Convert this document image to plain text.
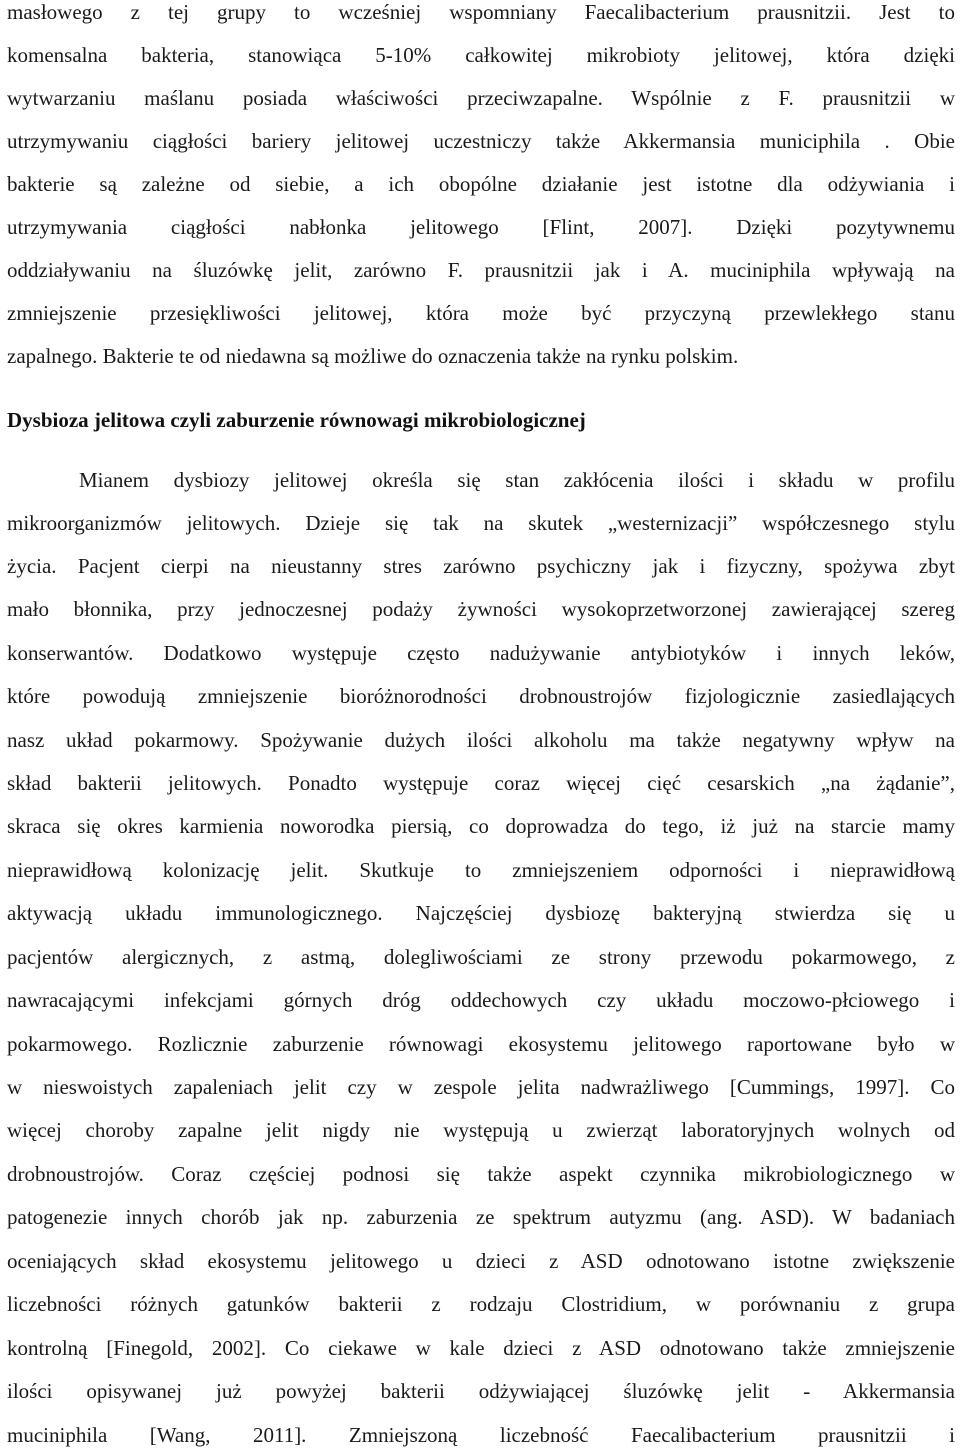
masłowego z tej grupy to wcześniej wspomniany Faecalibacterium prausnitzii. Jest to
komensalna bakteria, stanowiąca 5-10% całkowitej mikrobioty jelitowej, która dzięki
wytwarzaniu maślanu posiada właściwości przeciwzapalne. Wspólnie z F. prausnitzii w
utrzymywaniu ciągłości bariery jelitowej uczestniczy także Akkermansia municiphila . Obie
bakterie są zależne od siebie, a ich obopólne działanie jest istotne dla odżywiania i
utrzymywania ciągłości nabłonka jelitowego [Flint, 2007]. Dzięki pozytywnemu
oddziaływaniu na śluzówkę jelit, zarówno F. prausnitzii jak i A. muciniphila wpływają na
zmniejszenie przesiękliwości jelitowej, która może być przyczyną przewlekłego stanu
zapalnego. Bakterie te od niedawna są możliwe do oznaczenia także na rynku polskim.
Dysbioza jelitowa czyli zaburzenie równowagi mikrobiologicznej
Mianem dysbiozy jelitowej określa się stan zakłócenia ilości i składu w profilu
mikroorganizmów jelitowych. Dzieje się tak na skutek „westernizacji” współczesnego stylu
życia. Pacjent cierpi na nieustanny stres zarówno psychiczny jak i fizyczny, spożywa zbyt
mało błonnika, przy jednoczesnej podaży żywności wysokoprzetworzonej zawierającej szereg
konserwantów. Dodatkowo występuje często nadużywanie antybiotyków i innych leków,
które powodują zmniejszenie bioróżnorodności drobnoustrojów fizjologicznie zasiedlających
nasz układ pokarmowy. Spożywanie dużych ilości alkoholu ma także negatywny wpływ na
skład bakterii jelitowych. Ponadto występuje coraz więcej cięć cesarskich „na żądanie”,
skraca się okres karmienia noworodka piersią, co doprowadza do tego, iż już na starcie mamy
nieprawidłową kolonizację jelit. Skutkuje to zmniejszeniem odporności i nieprawidłową
aktywacją układu immunologicznego. Najczęściej dysbiozę bakteryjną stwierdza się u
pacjentów alergicznych, z astmą, dolegliwościami ze strony przewodu pokarmowego, z
nawracającymi infekcjami górnych dróg oddechowych czy układu moczowo-płciowego i
pokarmowego. Rozlicznie zaburzenie równowagi ekosystemu jelitowego raportowane było w
w nieswoistych zapaleniach jelit czy w zespole jelita nadwrażliwego [Cummings, 1997]. Co
więcej choroby zapalne jelit nigdy nie występują u zwierząt laboratoryjnych wolnych od
drobnoustrojów. Coraz częściej podnosi się także aspekt czynnika mikrobiologicznego w
patogenezie innych chorób jak np. zaburzenia ze spektrum autyzmu (ang. ASD). W badaniach
oceniających skład ekosystemu jelitowego u dzieci z ASD odnotowano istotne zwiększenie
liczebności różnych gatunków bakterii z rodzaju Clostridium, w porównaniu z grupa
kontrolną [Finegold, 2002]. Co ciekawe w kale dzieci z ASD odnotowano także zmniejszenie
ilości opisywanej już powyżej bakterii odżywiającej śluzówkę jelit - Akkermansia
muciniphila [Wang, 2011]. Zmniejszoną liczebność Faecalibacterium prausnitzii i
